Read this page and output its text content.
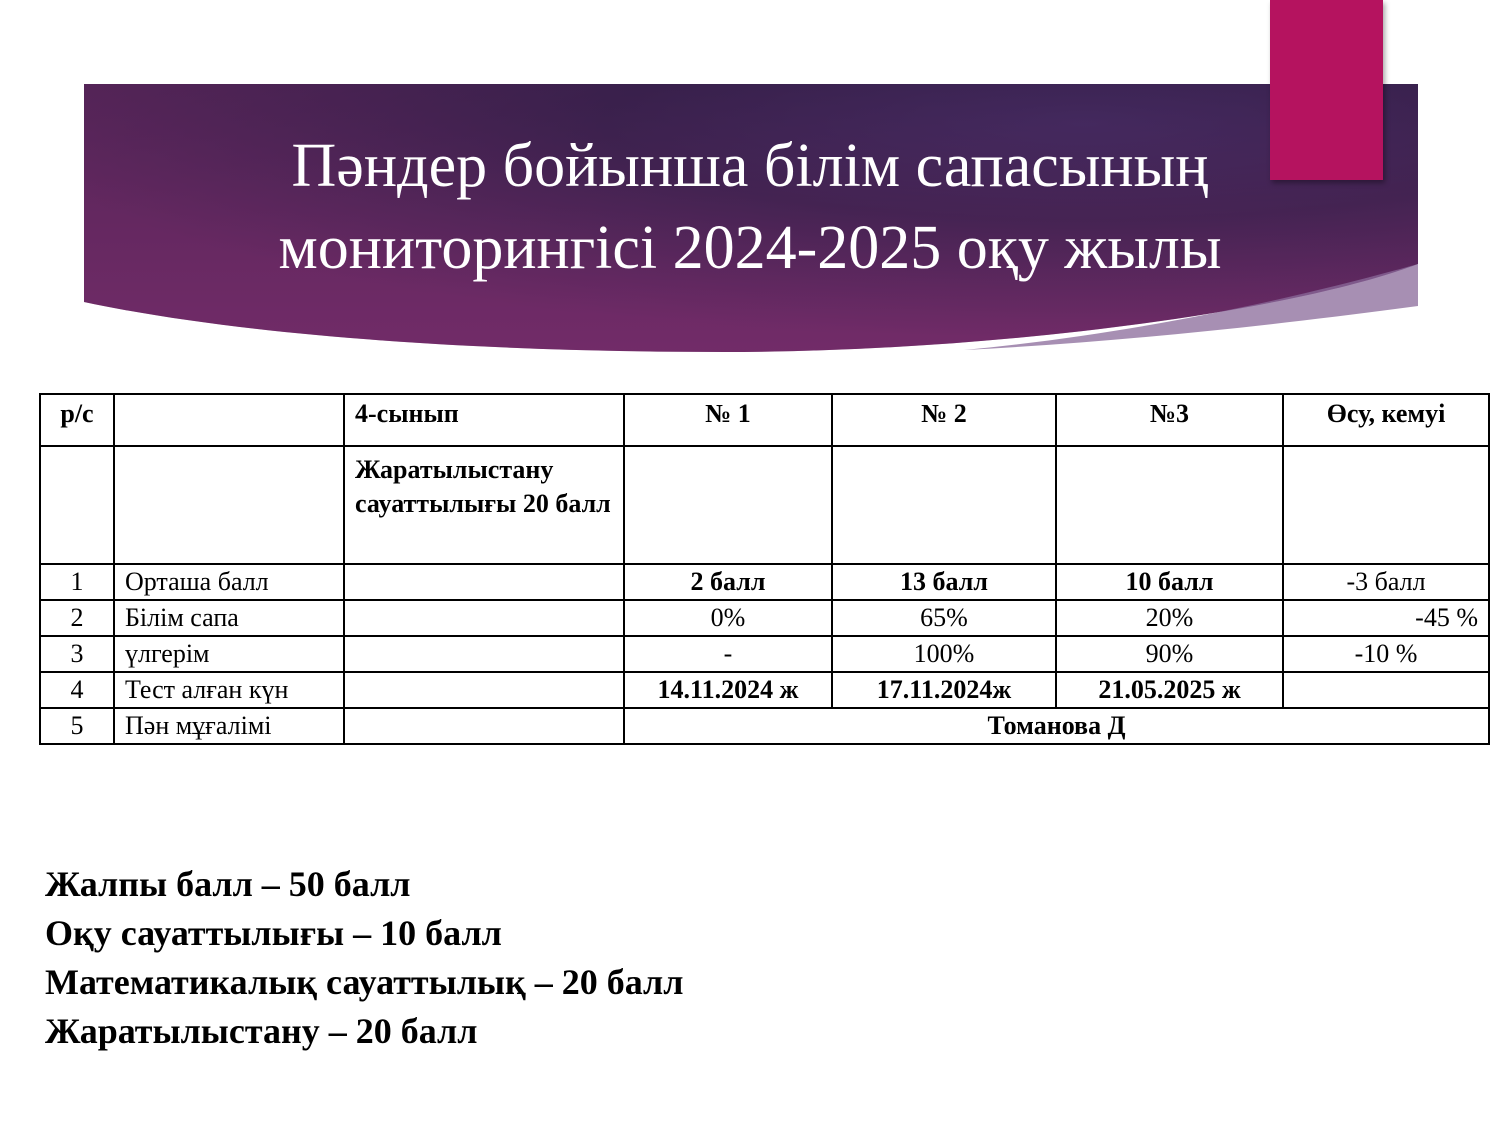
Пәндер бойынша білім сапасының мониторингісі 2024-2025 оқу жылы
р/с		4-сынып	№ 1	№ 2	№3	Өсу, кемуі
		Жаратылыстану сауаттылығы 20 балл				
1	Орташа балл		2 балл	13 балл	10 балл	-3 балл
2	Білім сапа		0%	65%	20%	-45 %
3	үлгерім		-	100%	90%	-10 %
4	Тест алған күн		14.11.2024 ж	17.11.2024ж	21.05.2025 ж	
5	Пән мұғалімі		Томанова Д			
Жалпы балл – 50 балл
Оқу сауаттылығы – 10 балл
Математикалық сауаттылық – 20 балл
Жаратылыстану – 20 балл
